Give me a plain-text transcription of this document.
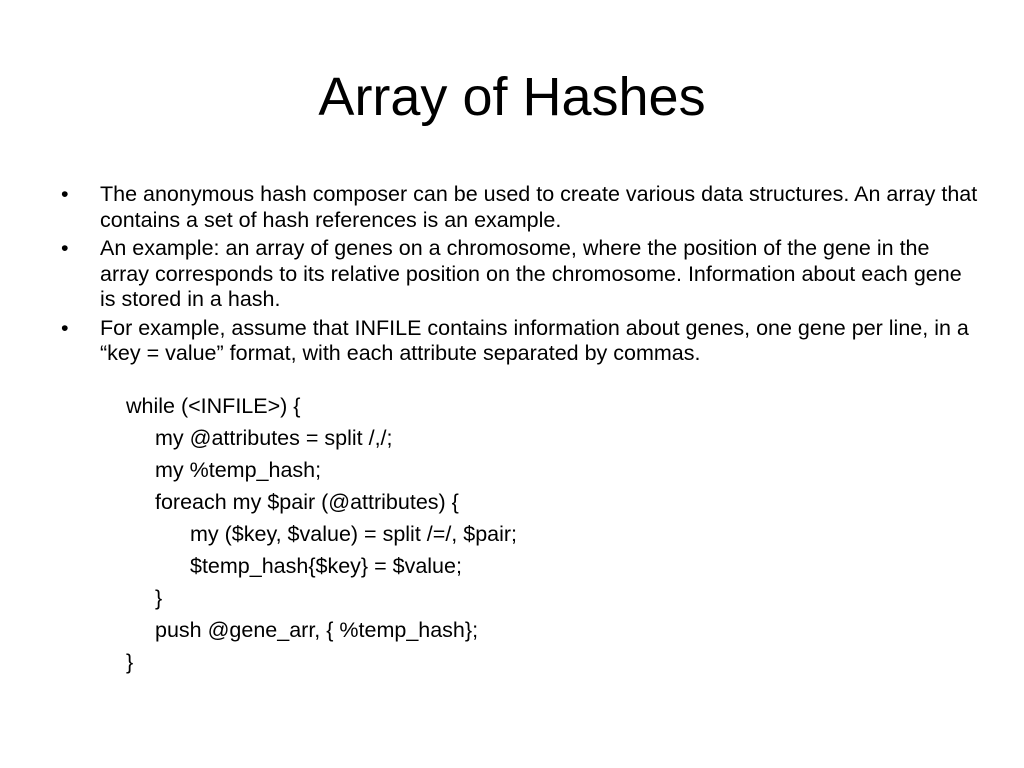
Array of Hashes
•	The anonymous hash composer can be used to create various data structures. An array that contains a set of hash references is an example.
•	An example: an array of genes on a chromosome, where the position of the gene in the array corresponds to its relative position on the chromosome. Information about each gene is stored in a hash.
•	For example, assume that INFILE contains information about genes, one gene per line, in a “key = value” format, with each attribute separated by commas.
while (<INFILE>) {
my @attributes = split /,/;
my %temp_hash;
foreach my $pair (@attributes) {
my ($key, $value) = split /=/, $pair;
$temp_hash{$key} = $value;
}
push @gene_arr, { %temp_hash};
}
